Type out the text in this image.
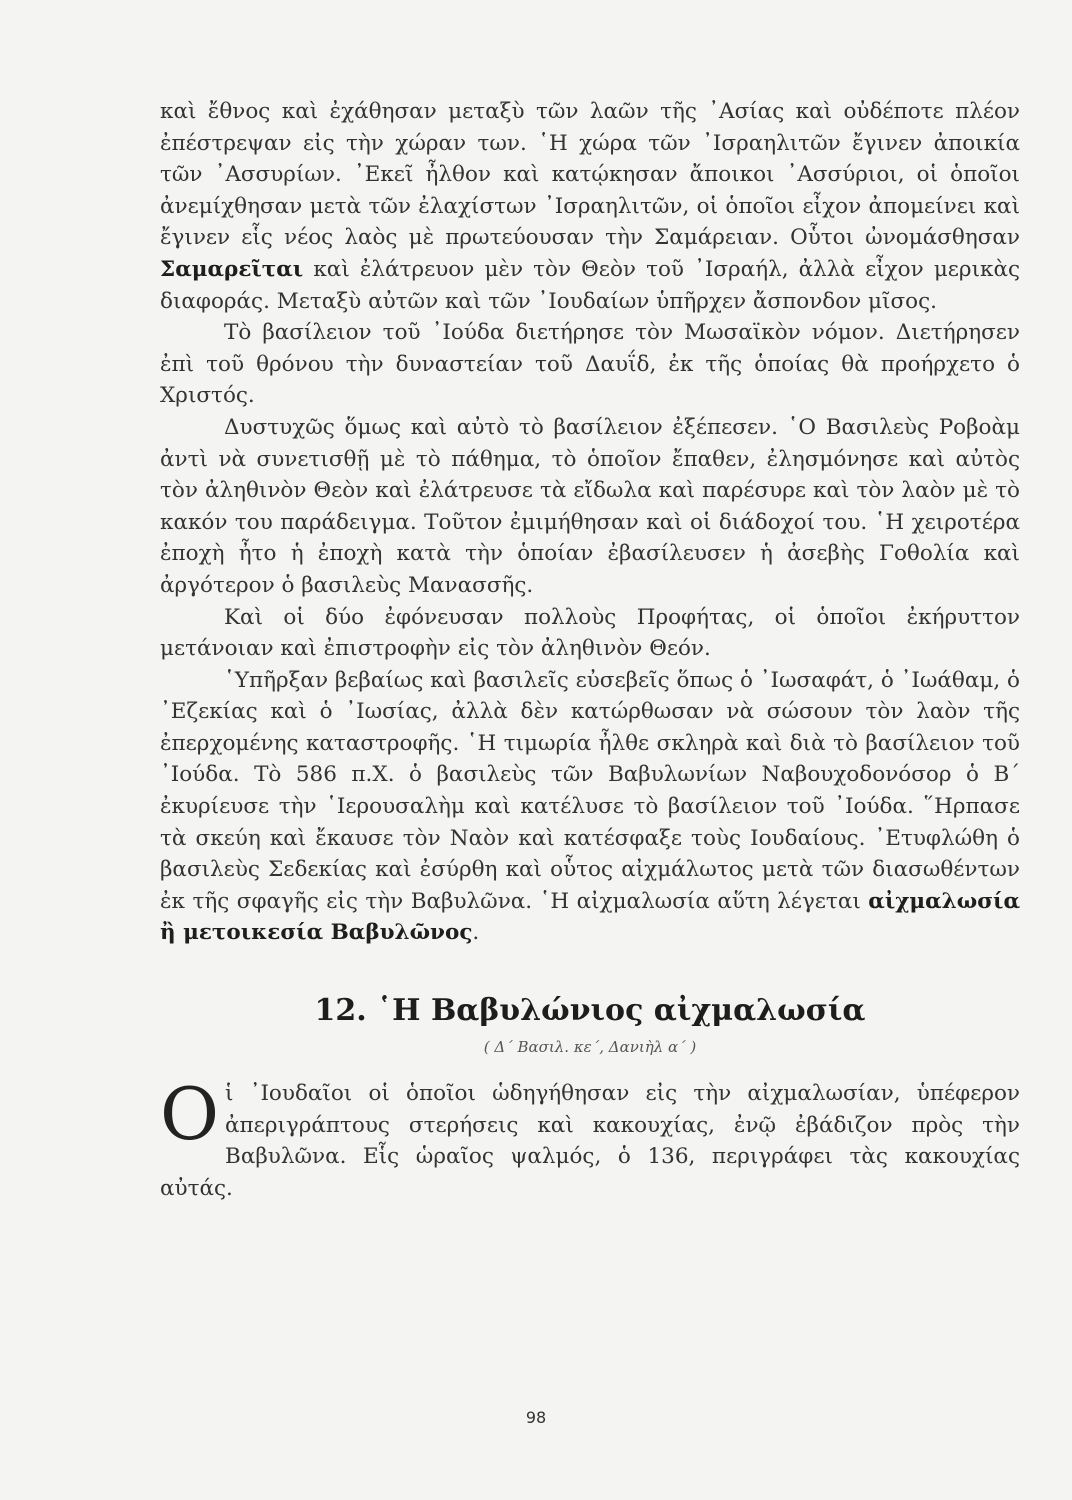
καὶ ἔθνος καὶ ἐχάθησαν μεταξὺ τῶν λαῶν τῆς ᾿Ασίας καὶ οὐδέποτε πλέον ἐπέστρεψαν εἰς τὴν χώραν των. ῾Η χώρα τῶν ᾿Ισραηλιτῶν ἔγινεν ἀποικία τῶν ᾿Ασσυρίων. ᾿Εκεῖ ἦλθον καὶ κατῴκησαν ἄποικοι ᾿Ασσύριοι, οἱ ὁποῖοι ἀνεμίχθησαν μετὰ τῶν ἐλαχίστων ᾿Ισραηλιτῶν, οἱ ὁποῖοι εἶχον ἀπομείνει καὶ ἔγινεν εἷς νέος λαὸς μὲ πρωτεύουσαν τὴν Σαμάρειαν. Οὗτοι ὠνομάσθησαν Σαμαρεῖται καὶ ἐλάτρευον μὲν τὸν Θεὸν τοῦ ᾿Ισραήλ, ἀλλὰ εἶχον μερικὰς διαφοράς. Μεταξὺ αὐτῶν καὶ τῶν ᾿Ιουδαίων ὑπῆρχεν ἄσπονδον μῖσος.

Τὸ βασίλειον τοῦ ᾿Ιούδα διετήρησε τὸν Μωσαϊκὸν νόμον. Διετήρησεν ἐπὶ τοῦ θρόνου τὴν δυναστείαν τοῦ Δαυΐδ, ἐκ τῆς ὁποίας θὰ προήρχετο ὁ Χριστός.

Δυστυχῶς ὅμως καὶ αὐτὸ τὸ βασίλειον ἐξέπεσεν. ῾Ο Βασιλεὺς Ροβοὰμ ἀντὶ νὰ συνετισθῇ μὲ τὸ πάθημα, τὸ ὁποῖον ἔπαθεν, ἐλησμόνησε καὶ αὐτὸς τὸν ἀληθινὸν Θεὸν καὶ ἐλάτρευσε τὰ εἴδωλα καὶ παρέσυρε καὶ τὸν λαὸν μὲ τὸ κακόν του παράδειγμα. Τοῦτον ἐμιμήθησαν καὶ οἱ διάδοχοί του. ῾Η χειροτέρα ἐποχὴ ἦτο ἡ ἐποχὴ κατὰ τὴν ὁποίαν ἐβασίλευσεν ἡ ἀσεβὴς Γοθολία καὶ ἀργότερον ὁ βασιλεὺς Μανασσῆς.

Καὶ οἱ δύο ἐφόνευσαν πολλοὺς Προφήτας, οἱ ὁποῖοι ἐκήρυττον μετάνοιαν καὶ ἐπιστροφὴν εἰς τὸν ἀληθινὸν Θεόν.

῾Υπῆρξαν βεβαίως καὶ βασιλεῖς εὐσεβεῖς ὅπως ὁ ᾿Ιωσαφάτ, ὁ ᾿Ιωάθαμ, ὁ ᾿Εζεκίας καὶ ὁ ᾿Ιωσίας, ἀλλὰ δὲν κατώρθωσαν νὰ σώσουν τὸν λαὸν τῆς ἐπερχομένης καταστροφῆς. ῾Η τιμωρία ἦλθε σκληρὰ καὶ διὰ τὸ βασίλειον τοῦ ᾿Ιούδα. Τὸ 586 π.Χ. ὁ βασιλεὺς τῶν Βαβυλωνίων Ναβουχοδονόσορ ὁ Β΄ ἐκυρίευσε τὴν ῾Ιερουσαλὴμ καὶ κατέλυσε τὸ βασίλειον τοῦ ᾿Ιούδα. ῞Ηρπασε τὰ σκεύη καὶ ἔκαυσε τὸν Ναὸν καὶ κατέσφαξε τοὺς Ιουδαίους. ᾿Ετυφλώθη ὁ βασιλεὺς Σεδεκίας καὶ ἐσύρθη καὶ οὗτος αἰχμάλωτος μετὰ τῶν διασωθέντων ἐκ τῆς σφαγῆς εἰς τὴν Βαβυλῶνα. ῾Η αἰχμαλωσία αὕτη λέγεται αἰχμαλωσία ἢ μετοικεσία Βαβυλῶνος.

12. ῾Η Βαβυλώνιος αἰχμαλωσία
( Δ΄ Βασιλ. κε΄, Δανιὴλ α΄ )

Ο ἱ ᾿Ιουδαῖοι οἱ ὁποῖοι ὡδηγήθησαν εἰς τὴν αἰχμαλωσίαν, ὑπέφερον ἀπεριγράπτους στερήσεις καὶ κακουχίας, ἐνῷ ἐβάδιζον πρὸς τὴν Βαβυλῶνα. Εἷς ὡραῖος ψαλμός, ὁ 136, περιγράφει τὰς κακουχίας αὐτάς.

98
